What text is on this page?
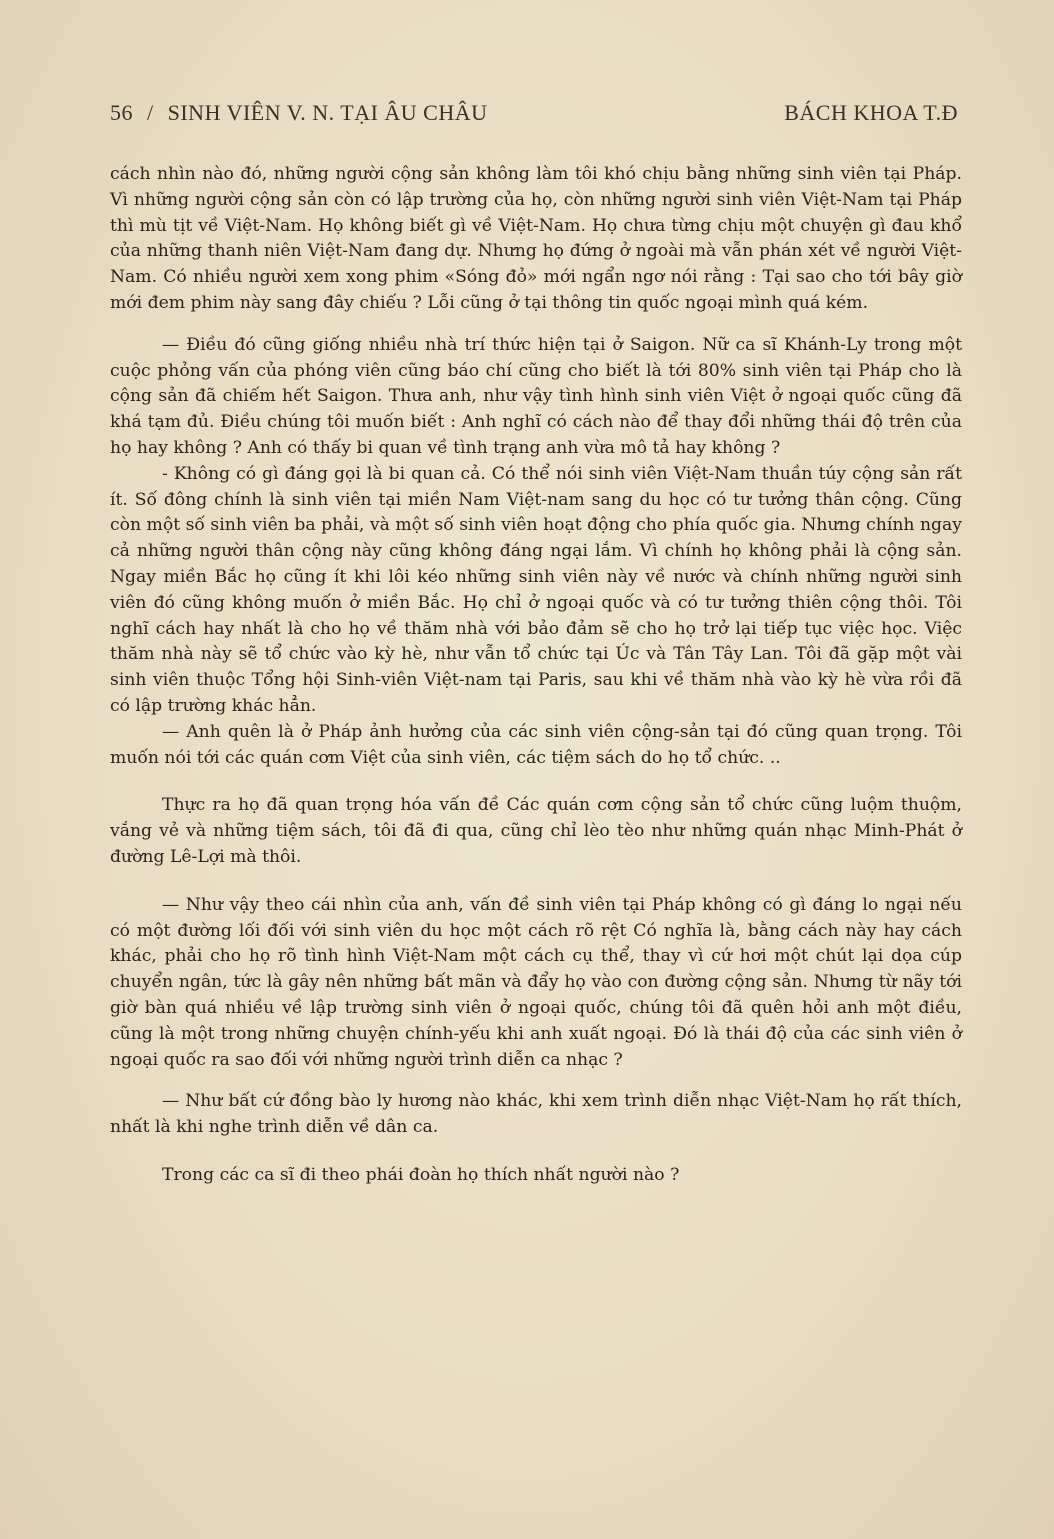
56 / SINH VIÊN V. N. TẠI ÂU CHÂU	BÁCH KHOA T.Đ

cách nhìn nào đó, những người cộng sản không làm tôi khó chịu bằng những sinh viên tại Pháp. Vì những người cộng sản còn có lập trường của họ, còn những người sinh viên Việt-Nam tại Pháp thì mù tịt về Việt-Nam. Họ không biết gì về Việt-Nam. Họ chưa từng chịu một chuyện gì đau khổ của những thanh niên Việt-Nam đang dự. Nhưng họ đứng ở ngoài mà vẫn phán xét về người Việt-Nam. Có nhiều người xem xong phim «Sóng đỏ» mới ngẩn ngơ nói rằng : Tại sao cho tới bây giờ mới đem phim này sang đây chiếu ? Lỗi cũng ở tại thông tin quốc ngoại mình quá kém.

— Điều đó cũng giống nhiều nhà trí thức hiện tại ở Saigon. Nữ ca sĩ Khánh-Ly trong một cuộc phỏng vấn của phóng viên cũng báo chí cũng cho biết là tới 80% sinh viên tại Pháp cho là cộng sản đã chiếm hết Saigon. Thưa anh, như vậy tình hình sinh viên Việt ở ngoại quốc cũng đã khá tạm đủ. Điều chúng tôi muốn biết : Anh nghĩ có cách nào để thay đổi những thái độ trên của họ hay không ? Anh có thấy bi quan về tình trạng anh vừa mô tả hay không ?

- Không có gì đáng gọi là bi quan cả. Có thể nói sinh viên Việt-Nam thuần túy cộng sản rất ít. Số đông chính là sinh viên tại miền Nam Việt-nam sang du học có tư tưởng thân cộng. Cũng còn một số sinh viên ba phải, và một số sinh viên hoạt động cho phía quốc gia. Nhưng chính ngay cả những người thân cộng này cũng không đáng ngại lắm. Vì chính họ không phải là cộng sản. Ngay miền Bắc họ cũng ít khi lôi kéo những sinh viên này về nước và chính những người sinh viên đó cũng không muốn ở miền Bắc. Họ chỉ ở ngoại quốc và có tư tưởng thiên cộng thôi. Tôi nghĩ cách hay nhất là cho họ về thăm nhà với bảo đảm sẽ cho họ trở lại tiếp tục việc học. Việc thăm nhà này sẽ tổ chức vào kỳ hè, như vẫn tổ chức tại Úc và Tân Tây Lan. Tôi đã gặp một vài sinh viên thuộc Tổng hội Sinh-viên Việt-nam tại Paris, sau khi về thăm nhà vào kỳ hè vừa rồi đã có lập trường khác hẳn.

— Anh quên là ở Pháp ảnh hưởng của các sinh viên cộng-sản tại đó cũng quan trọng. Tôi muốn nói tới các quán cơm Việt của sinh viên, các tiệm sách do họ tổ chức. ..

Thực ra họ đã quan trọng hóa vấn đề Các quán cơm cộng sản tổ chức cũng luộm thuộm, vắng vẻ và những tiệm sách, tôi đã đi qua, cũng chỉ lèo tèo như những quán nhạc Minh-Phát ở đường Lê-Lợi mà thôi.

— Như vậy theo cái nhìn của anh, vấn đề sinh viên tại Pháp không có gì đáng lo ngại nếu có một đường lối đối với sinh viên du học một cách rõ rệt Có nghĩa là, bằng cách này hay cách khác, phải cho họ rõ tình hình Việt-Nam một cách cụ thể, thay vì cứ hơi một chút lại dọa cúp chuyển ngân, tức là gây nên những bất mãn và đẩy họ vào con đường cộng sản. Nhưng từ nãy tới giờ bàn quá nhiều về lập trường sinh viên ở ngoại quốc, chúng tôi đã quên hỏi anh một điều, cũng là một trong những chuyện chính-yếu khi anh xuất ngoại. Đó là thái độ của các sinh viên ở ngoại quốc ra sao đối với những người trình diễn ca nhạc ?

— Như bất cứ đồng bào ly hương nào khác, khi xem trình diễn nhạc Việt-Nam họ rất thích, nhất là khi nghe trình diễn về dân ca.

Trong các ca sĩ đi theo phái đoàn họ thích nhất người nào ?
